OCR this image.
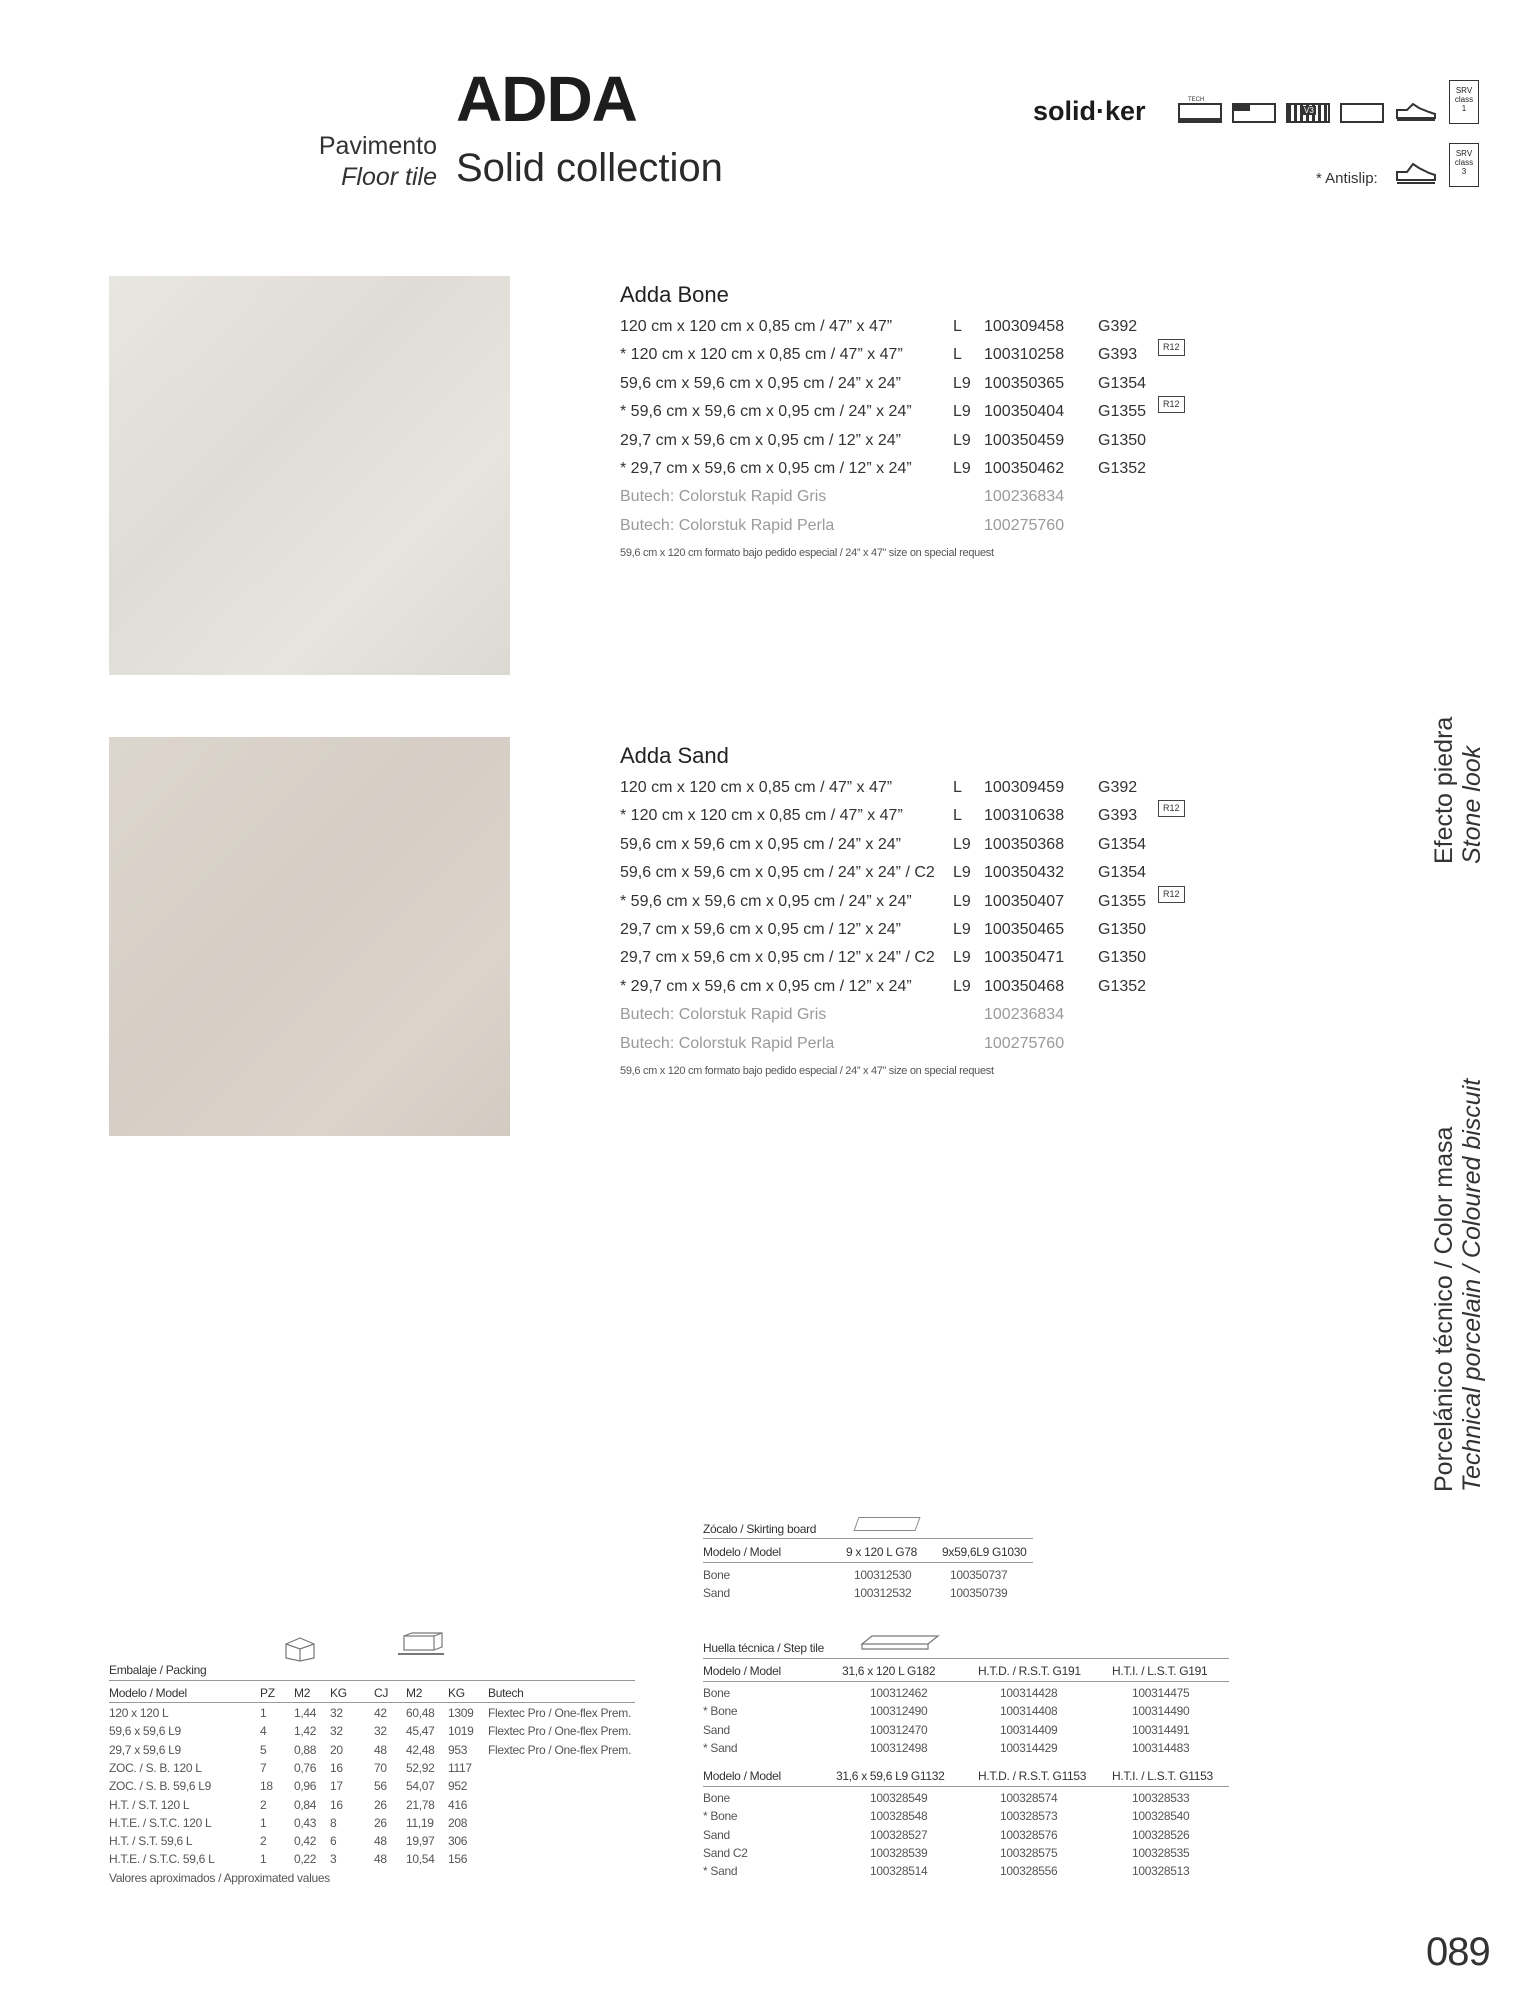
Pavimento
Floor tile
ADDA
Solid collection
solid·ker	TECH
V3
SRV
class
1
* Antislip:
SRV
class
3
Adda Bone
120 cm x 120 cm x 0,85 cm / 47” x 47”	L 100309458 G392
* 120 cm x 120 cm x 0,85 cm / 47” x 47”	L 100310258 G393	R12
59,6 cm x 59,6 cm x 0,95 cm / 24” x 24”	L9 100350365 G1354
* 59,6 cm x 59,6 cm x 0,95 cm / 24” x 24”	L9 100350404 G1355	R12
29,7 cm x 59,6 cm x 0,95 cm / 12” x 24”	L9 100350459 G1350
* 29,7 cm x 59,6 cm x 0,95 cm / 12” x 24”	L9 100350462 G1352
Butech: Colorstuk Rapid Gris	100236834
Butech: Colorstuk Rapid Perla	100275760
59,6 cm x 120 cm formato bajo pedido especial / 24” x 47” size on special request
Adda Sand
120 cm x 120 cm x 0,85 cm / 47” x 47”	L 100309459 G392
* 120 cm x 120 cm x 0,85 cm / 47” x 47”	L 100310638 G393	R12
59,6 cm x 59,6 cm x 0,95 cm / 24” x 24”	L9 100350368 G1354
59,6 cm x 59,6 cm x 0,95 cm / 24” x 24” / C2 L9 100350432 G1354
* 59,6 cm x 59,6 cm x 0,95 cm / 24” x 24”	L9 100350407 G1355	R12
29,7 cm x 59,6 cm x 0,95 cm / 12” x 24”	L9 100350465 G1350
29,7 cm x 59,6 cm x 0,95 cm / 12” x 24” / C2 L9 100350471 G1350
* 29,7 cm x 59,6 cm x 0,95 cm / 12” x 24”	L9 100350468 G1352
Butech: Colorstuk Rapid Gris	100236834
Butech: Colorstuk Rapid Perla	100275760
59,6 cm x 120 cm formato bajo pedido especial / 24” x 47” size on special request
Efecto piedra Stone look
Porcelánico técnico / Color masa Technical porcelain / Coloured biscuit
Embalaje / Packing
Modelo / Model	PZ M2 KG CJ M2 KG Butech
120 x 120 L	1 1,44 32	42 60,48 1309 Flextec Pro / One-flex Prem.
59,6 x 59,6 L9	4 1,42 32	32 45,47 1019 Flextec Pro / One-flex Prem.
29,7 x 59,6 L9	5 0,88 20	48 42,48 953 Flextec Pro / One-flex Prem.
ZOC. / S. B. 120 L	7 0,76 16	70 52,92 1117
ZOC. / S. B. 59,6 L9	18 0,96 17	56 54,07 952
H.T. / S.T. 120 L	2 0,84 16	26 21,78 416
H.T.E. / S.T.C. 120 L	1 0,43 8	26 11,19 208
H.T. / S.T. 59,6 L	2 0,42 6	48 19,97 306
H.T.E. / S.T.C. 59,6 L	1 0,22 3	48 10,54 156
Valores aproximados / Approximated values
Zócalo / Skirting board
Modelo / Model	9 x 120 L G78 9x59,6L9 G1030
Bone	100312530	100350737
Sand	100312532	100350739
Huella técnica / Step tile
Modelo / Model	31,6 x 120 L G182	H.T.D. / R.S.T. G191	H.T.I. / L.S.T. G191
Bone	100312462	100314428	100314475
* Bone	100312490	100314408	100314490
Sand	100312470	100314409	100314491
* Sand	100312498	100314429	100314483
Modelo / Model	31,6 x 59,6 L9 G1132	H.T.D. / R.S.T. G1153 H.T.I. / L.S.T. G1153
Bone	100328549	100328574	100328533
* Bone	100328548	100328573	100328540
Sand	100328527	100328576	100328526
Sand C2	100328539	100328575	100328535
* Sand	100328514	100328556	100328513
089
